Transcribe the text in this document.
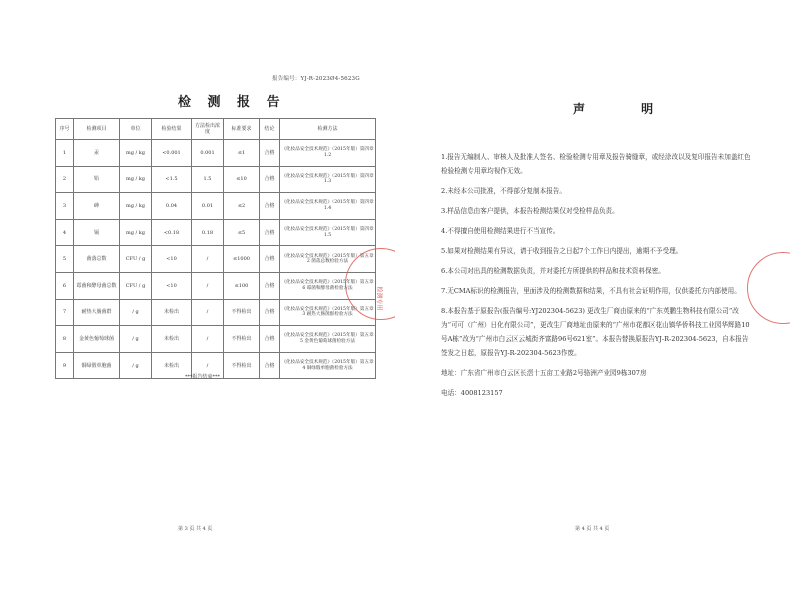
报告编号：YJ-R-2023Ø4-5623G
检 测 报 告
序号	检测项目	单位	检验结果	方法检出浓度	标准要求	结论	检测方法
1	汞	mg / kg	<0.001	0.001	≤1	合格	《化妆品安全技术规范》（2015年版）第四章 1.2
2	铅	mg / kg	<1.5	1.5	≤10	合格	《化妆品安全技术规范》（2015年版）第四章 1.3
3	砷	mg / kg	0.04	0.01	≤2	合格	《化妆品安全技术规范》（2015年版）第四章 1.4
4	镉	mg / kg	<0.18	0.18	≤5	合格	《化妆品安全技术规范》（2015年版）第四章 1.5
5	菌落总数	CFU / g	<10	/	≤1000	合格	《化妆品安全技术规范》（2015年版）第五章 2 菌落总数检验方法
6	霉菌和酵母菌总数	CFU / g	<10	/	≤100	合格	《化妆品安全技术规范》（2015年版）第五章 6 霉菌和酵母菌检验方法
7	耐热大肠菌群	/ g	未检出	/	不得检出	合格	《化妆品安全技术规范》（2015年版）第五章 3 耐热大肠菌群检验方法
8	金黄色葡萄球菌	/ g	未检出	/	不得检出	合格	《化妆品安全技术规范》（2015年版）第五章 5 金黄色葡萄球菌检验方法
9	铜绿假单胞菌	/ g	未检出	/	不得检出	合格	《化妆品安全技术规范》（2015年版）第五章 4 铜绿假单胞菌检验方法
***报告结束***
第 3 页 共 4 页
检测专用
声 明

1.报告无编制人、审核人及批准人签名、检验检测专用章及报告骑缝章，或经涂改以及复印报告未加盖红色检验检测专用章均视作无效。

2.未经本公司批准，不得部分复制本报告。

3.样品信息由客户提供，本报告检测结果仅对受检样品负责。

4.不得擅自使用检测结果进行不当宣传。

5.如果对检测结果有异议，请于收到报告之日起7个工作日内提出，逾期不予受理。

6.本公司对出具的检测数据负责，并对委托方所提供的样品和技术资料保密。

7.无CMA标识的检测报告，里面涉及的检测数据和结果，不具有社会证明作用，仅供委托方内部使用。

8.本报告基于原报告(报告编号:YJ202304-5623) 更改生厂商由原来的“广东英鹏生物科技有限公司”改为“可可（广州）日化有限公司”，更改生厂商地址由原来的“广州市花都区花山镇华侨科技工业园华辉路10号A栋”改为“广州市白云区云城街齐富路96号621室”。本报告替换原报告YJ-R-202304-5623，自本报告签发之日起，原报告YJ-R-202304-5623作废。

地址：广东省广州市白云区长滘十五亩工业路2号骆洲产业园9栋307房

电话：4008123157

第 4 页 共 4 页
